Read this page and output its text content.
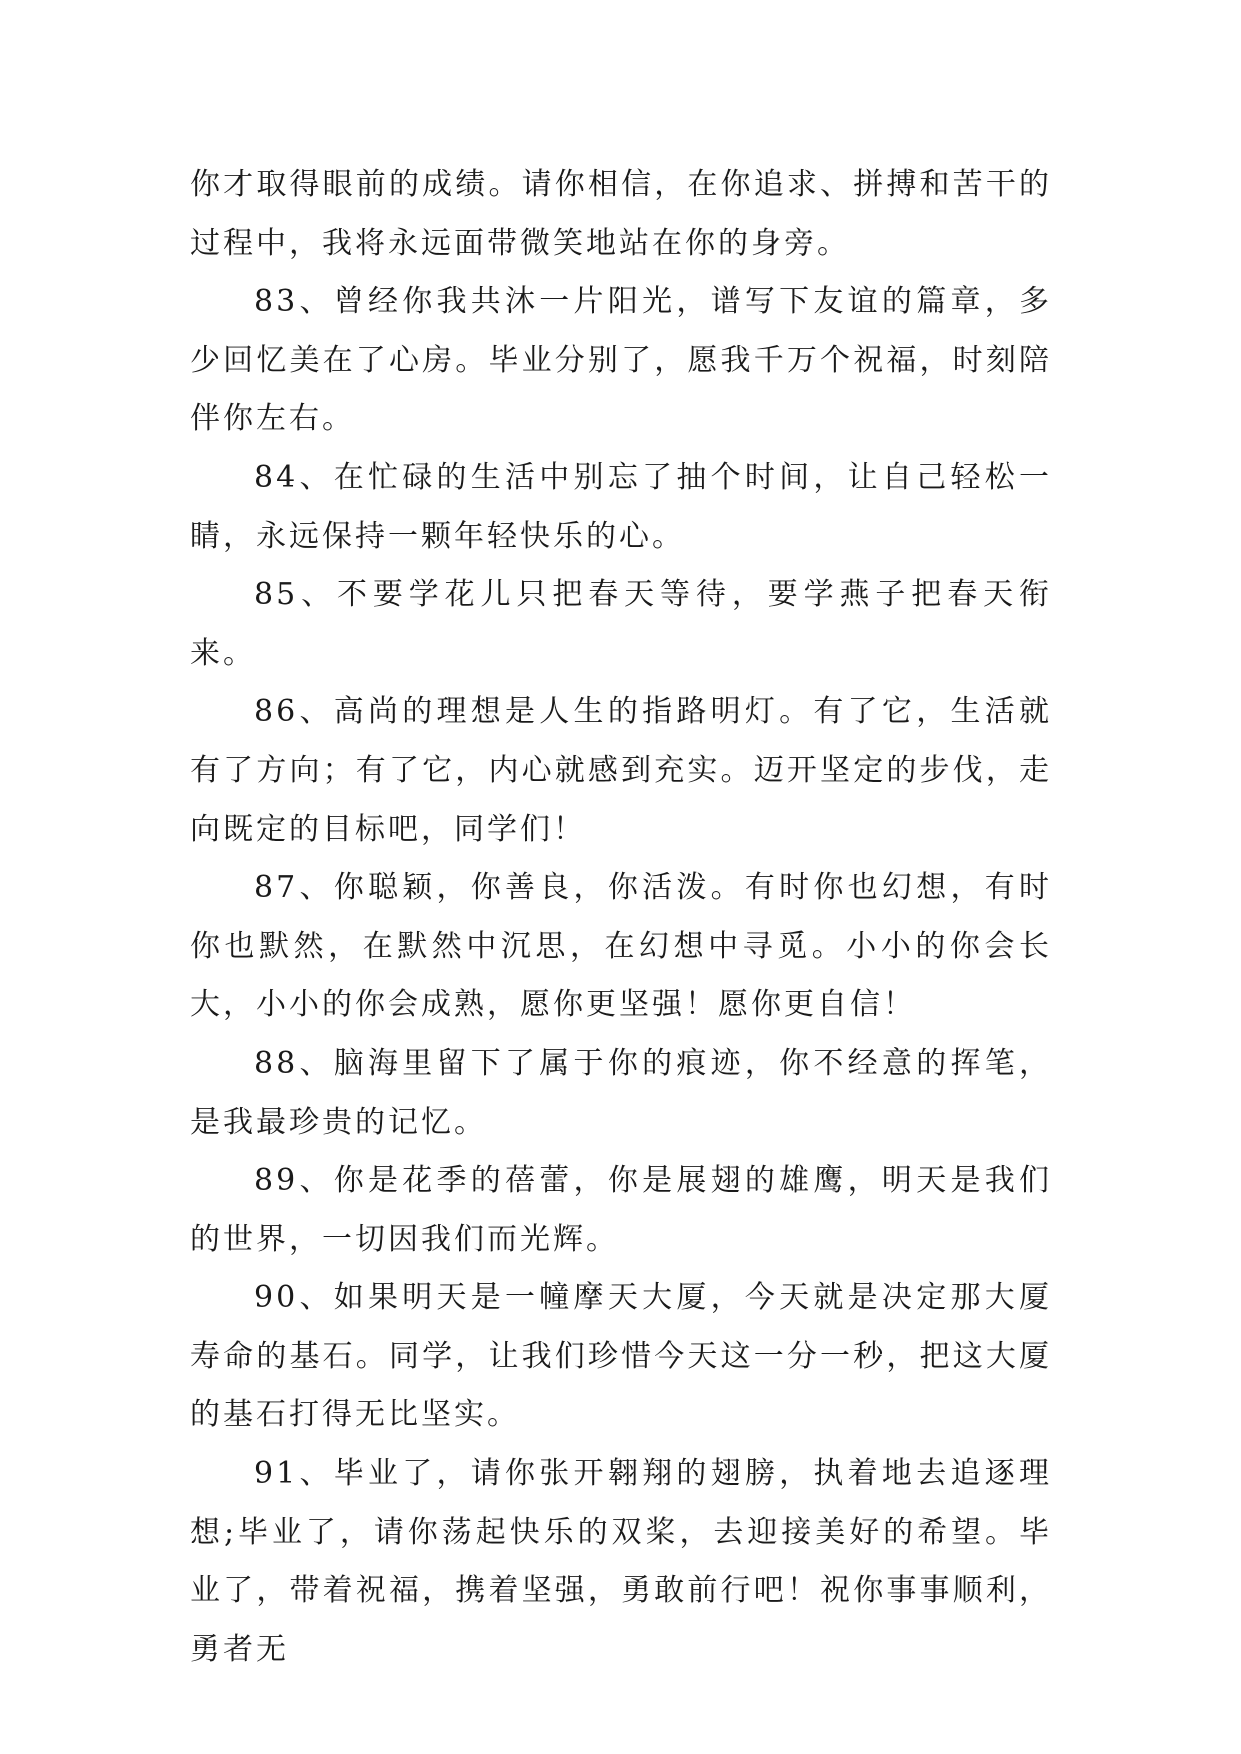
你才取得眼前的成绩。请你相信，在你追求、拼搏和苦干的过程中，我将永远面带微笑地站在你的身旁。

83、曾经你我共沐一片阳光，谱写下友谊的篇章，多少回忆美在了心房。毕业分别了，愿我千万个祝福，时刻陪伴你左右。

84、在忙碌的生活中别忘了抽个时间，让自己轻松一睛，永远保持一颗年轻快乐的心。

85、不要学花儿只把春天等待，要学燕子把春天衔来。

86、高尚的理想是人生的指路明灯。有了它，生活就有了方向；有了它，内心就感到充实。迈开坚定的步伐，走向既定的目标吧，同学们！

87、你聪颖，你善良，你活泼。有时你也幻想，有时你也默然，在默然中沉思，在幻想中寻觅。小小的你会长大，小小的你会成熟，愿你更坚强！愿你更自信！

88、脑海里留下了属于你的痕迹，你不经意的挥笔，是我最珍贵的记忆。

89、你是花季的蓓蕾，你是展翅的雄鹰，明天是我们的世界，一切因我们而光辉。

90、如果明天是一幢摩天大厦，今天就是决定那大厦寿命的基石。同学，让我们珍惜今天这一分一秒，把这大厦的基石打得无比坚实。

91、毕业了，请你张开翱翔的翅膀，执着地去追逐理想;毕业了，请你荡起快乐的双桨，去迎接美好的希望。毕业了，带着祝福，携着坚强，勇敢前行吧！祝你事事顺利，勇者无
